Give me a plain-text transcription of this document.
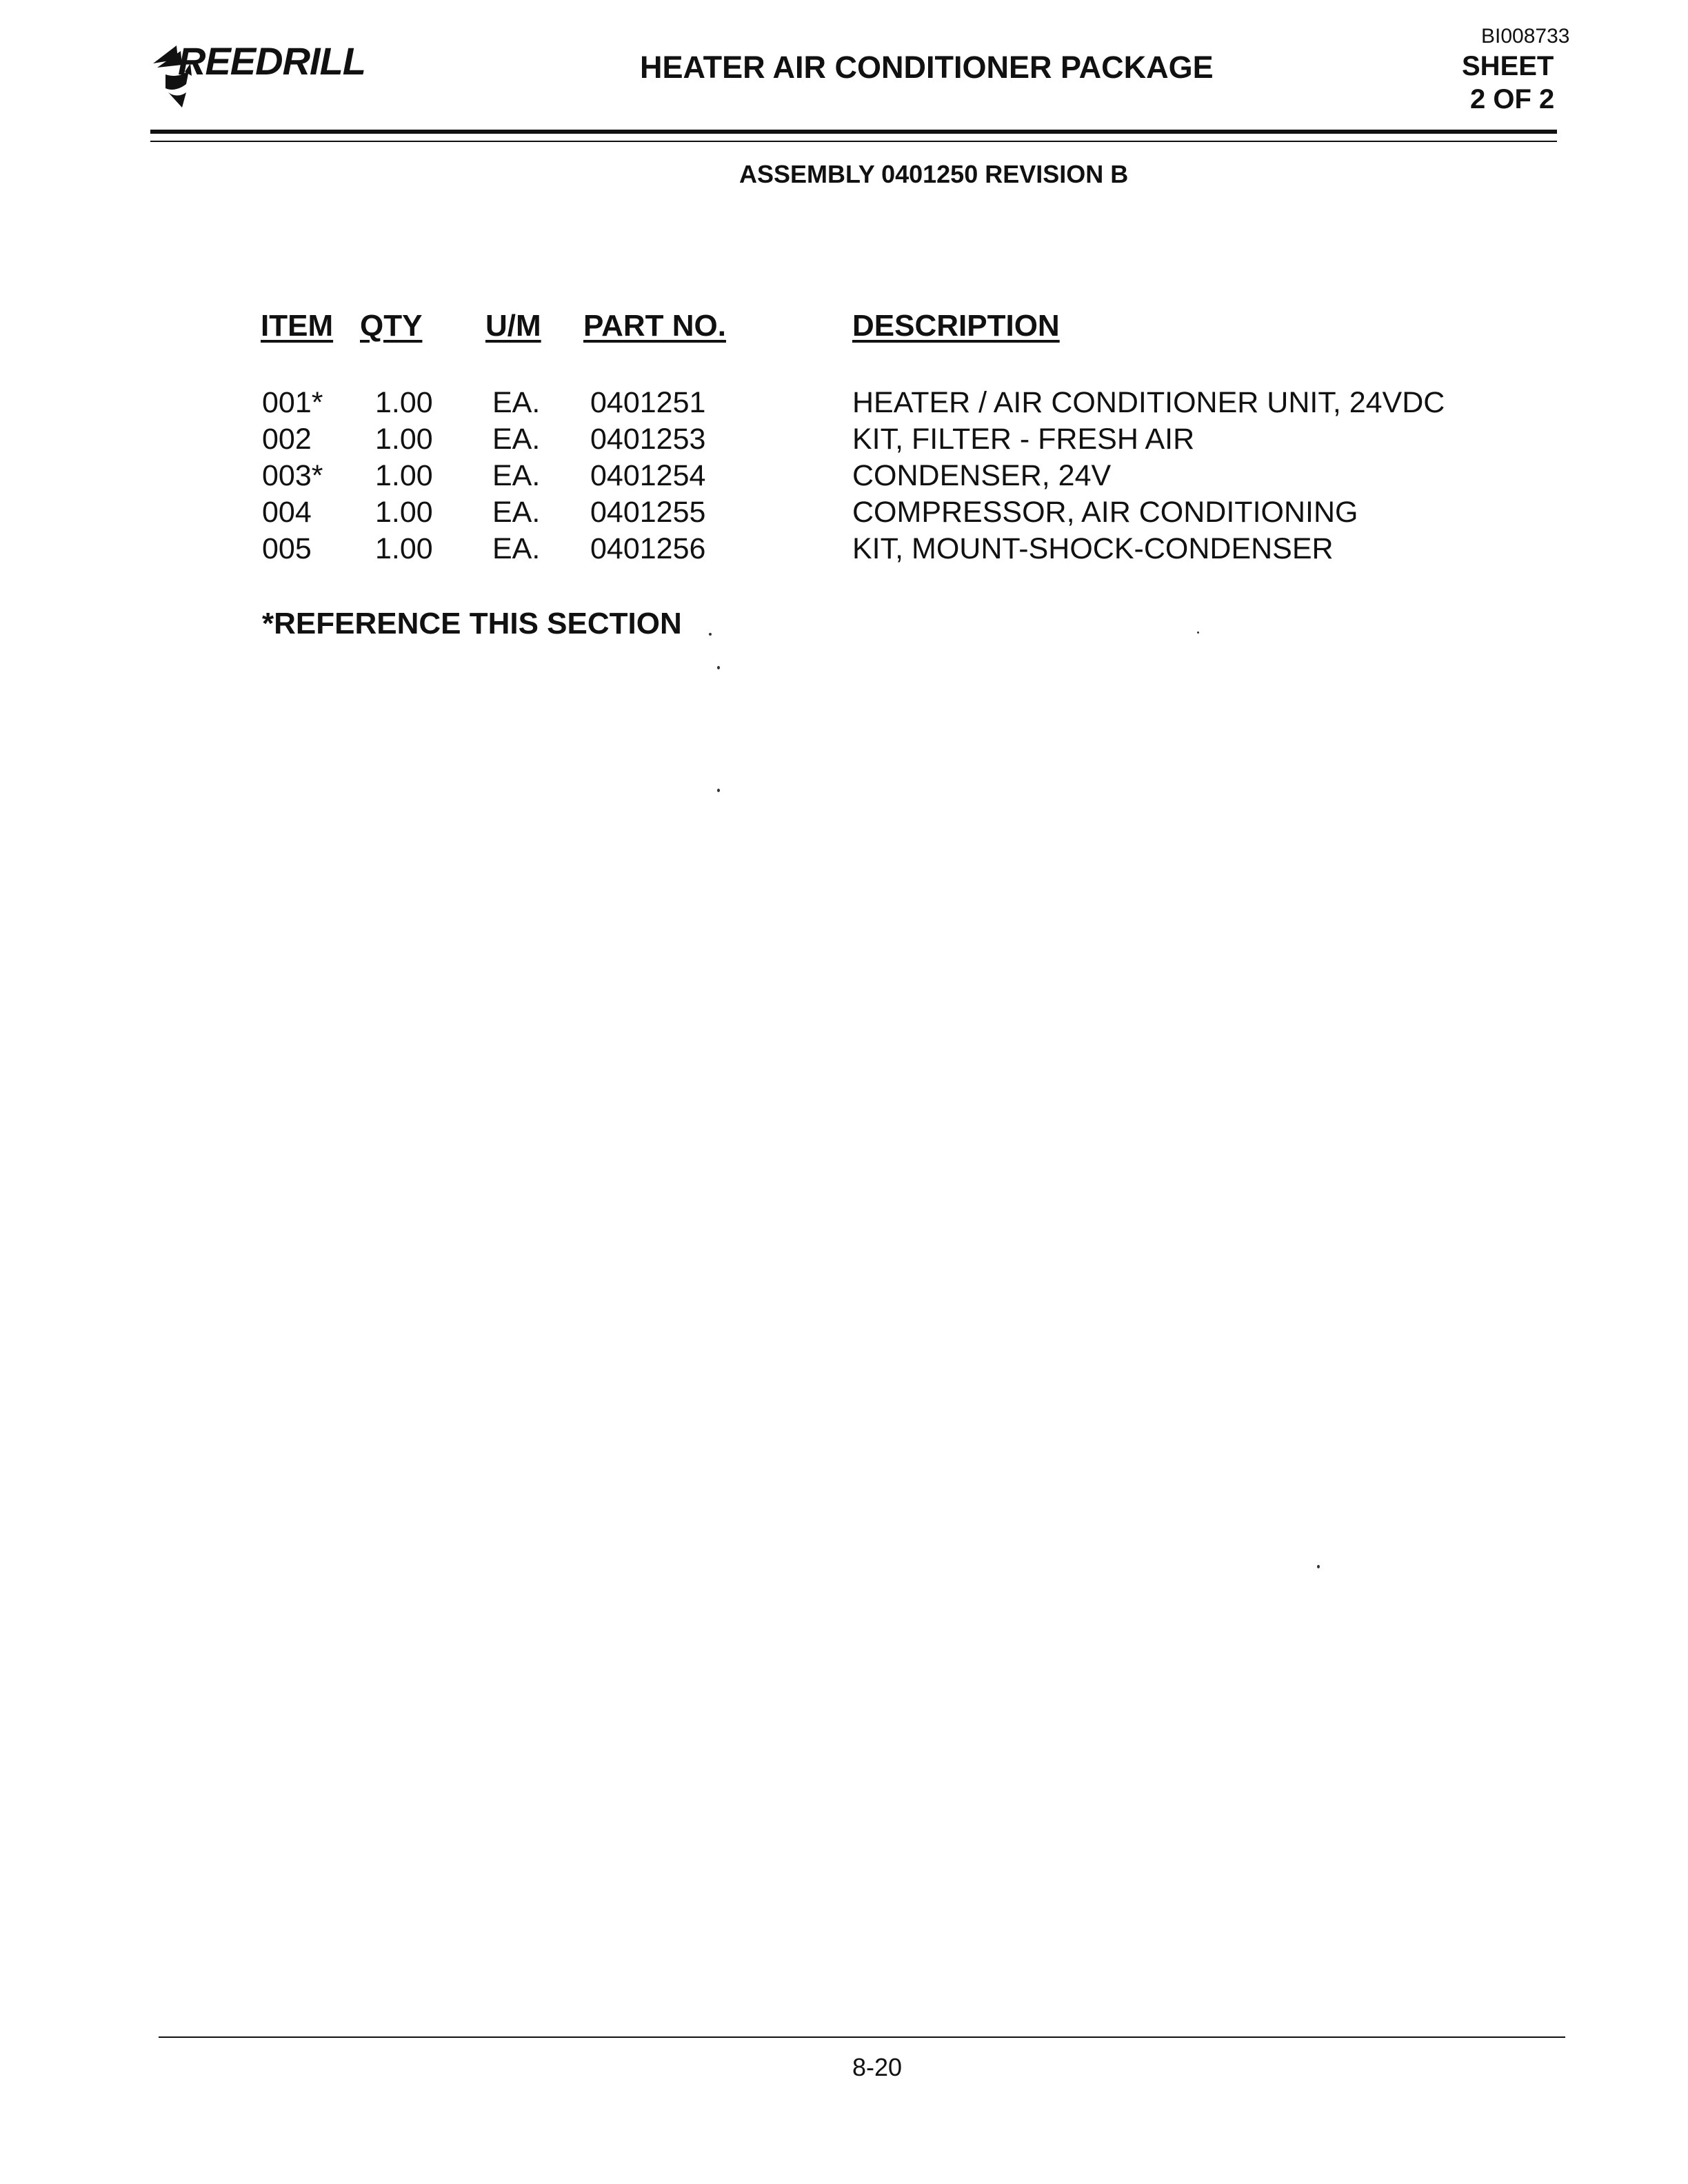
REEDRILL	HEATER AIR CONDITIONER PACKAGE
BI008733
SHEET
2 OF 2
ASSEMBLY 0401250 REVISION B
ITEM QTY U/M PART NO.	DESCRIPTION
001* 1.00 EA. 0401251	HEATER / AIR CONDITIONER UNIT, 24VDC
002 1.00 EA. 0401253	KIT, FILTER - FRESH AIR
003* 1.00 EA. 0401254	CONDENSER, 24V
004 1.00 EA. 0401255	COMPRESSOR, AIR CONDITIONING
005 1.00 EA. 0401256	KIT, MOUNT-SHOCK-CONDENSER
*REFERENCE THIS SECTION
8-20
